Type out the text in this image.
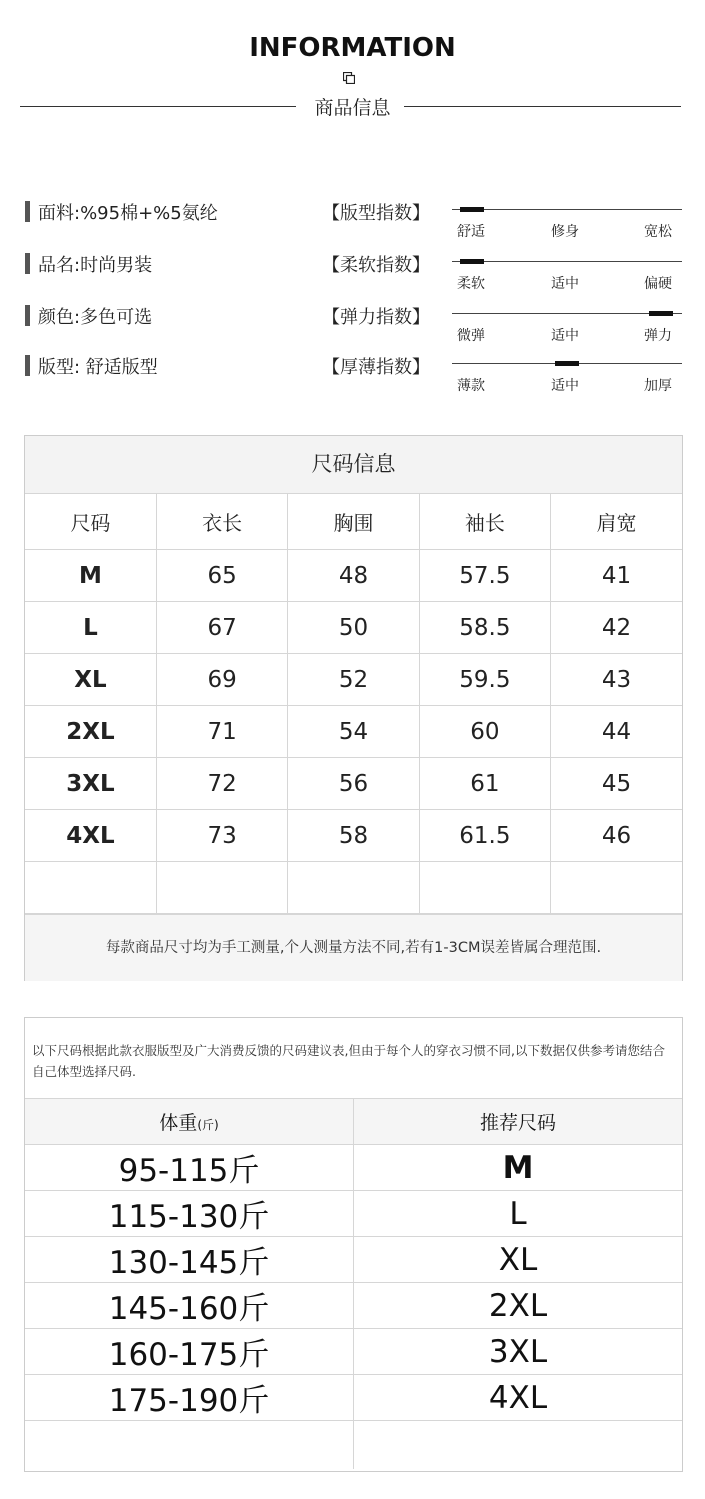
INFORMATION
商品信息
面料:%95棉+%5氨纶	【版型指数】
舒适	修身	宽松
品名:时尚男装	【柔软指数】
柔软	适中	偏硬
颜色:多色可选	【弹力指数】
微弹	适中	弹力
版型: 舒适版型	【厚薄指数】
薄款	适中	加厚
尺码信息
尺码	衣长	胸围	袖长	肩宽
M	65	48	57.5	41
L	67	50	58.5	42
XL	69	52	59.5	43
2XL	71	54	60	44
3XL	72	56	61	45
4XL	73	58	61.5	46

每款商品尺寸均为手工测量,个人测量方法不同,若有1-3CM误差皆属合理范围.
以下尺码根据此款衣服版型及广大消费反馈的尺码建议表,但由于每个人的穿衣习惯不同,以下数据仅供参考请您结合自己体型选择尺码.
体重(斤)	推荐尺码
95-115斤	M
115-130斤	L
130-145斤	XL
145-160斤	2XL
160-175斤	3XL
175-190斤	4XL
